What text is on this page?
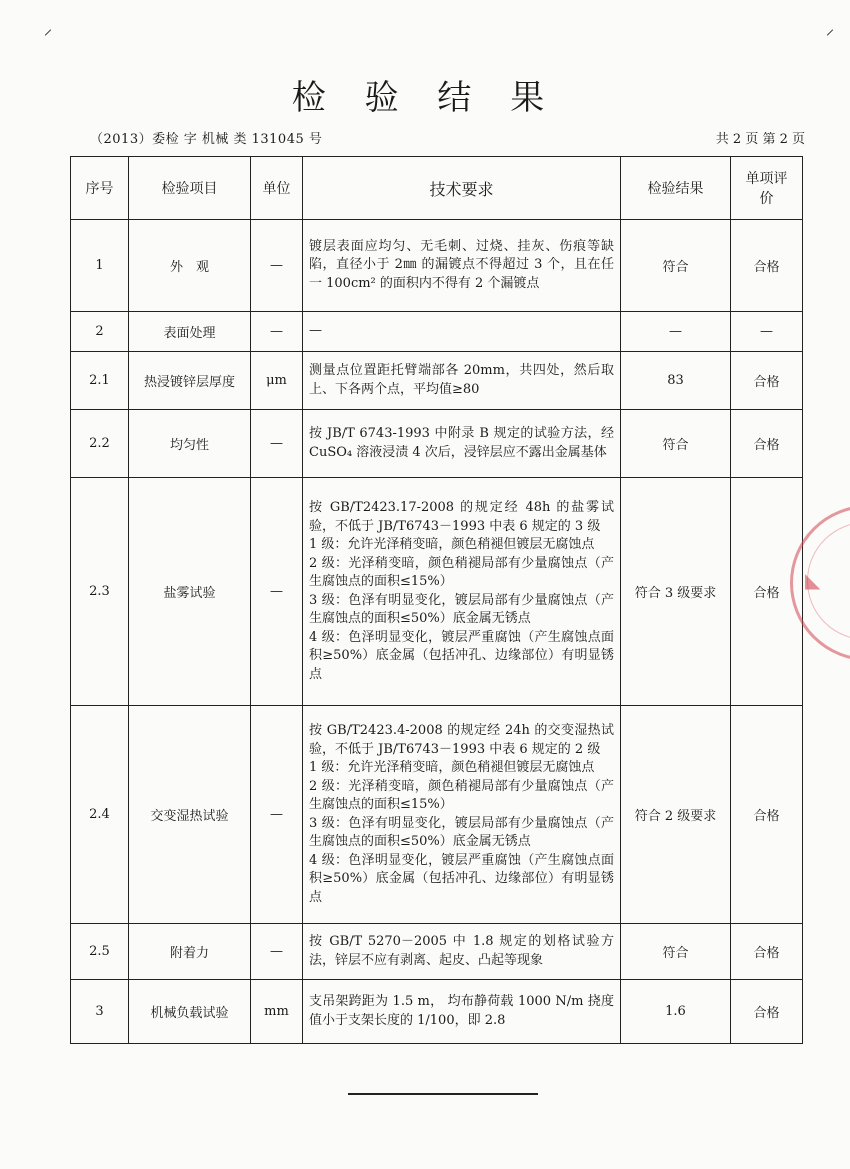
检 验 结 果
（2013）委检 字 机械 类 131045 号	共 2 页 第 2 页
序号	检验项目	单位	技术要求	检验结果	单项评价
1	外　观	—	镀层表面应均匀、无毛刺、过烧、挂灰、伤痕等缺陷，直径小于 2㎜ 的漏镀点不得超过 3 个，且在任一 100cm² 的面积内不得有 2 个漏镀点	符合	合格
2	表面处理	—	—	—	—
2.1	热浸镀锌层厚度	μm	测量点位置距托臂端部各 20mm，共四处，然后取上、下各两个点，平均值≥80	83	合格
2.2	均匀性	—	按 JB/T 6743-1993 中附录 B 规定的试验方法，经 CuSO₄ 溶液浸渍 4 次后，浸锌层应不露出金属基体	符合	合格
2.3	盐雾试验	—	按 GB/T2423.17-2008 的规定经 48h 的盐雾试验，不低于 JB/T6743－1993 中表 6 规定的 3 级
1 级：允许光泽稍变暗，颜色稍褪但镀层无腐蚀点
2 级：光泽稍变暗，颜色稍褪局部有少量腐蚀点（产生腐蚀点的面积≤15%）
3 级：色泽有明显变化，镀层局部有少量腐蚀点（产生腐蚀点的面积≤50%）底金属无锈点
4 级：色泽明显变化，镀层严重腐蚀（产生腐蚀点面积≥50%）底金属（包括冲孔、边缘部位）有明显锈点	符合 3 级要求	合格
2.4	交变湿热试验	—	按 GB/T2423.4-2008 的规定经 24h 的交变湿热试验，不低于 JB/T6743－1993 中表 6 规定的 2 级
1 级：允许光泽稍变暗，颜色稍褪但镀层无腐蚀点
2 级：光泽稍变暗，颜色稍褪局部有少量腐蚀点（产生腐蚀点的面积≤15%）
3 级：色泽有明显变化，镀层局部有少量腐蚀点（产生腐蚀点的面积≤50%）底金属无锈点
4 级：色泽明显变化，镀层严重腐蚀（产生腐蚀点面积≥50%）底金属（包括冲孔、边缘部位）有明显锈点	符合 2 级要求	合格
2.5	附着力	—	按 GB/T 5270－2005 中 1.8 规定的划格试验方法，锌层不应有剥离、起皮、凸起等现象	符合	合格
3	机械负载试验	mm	支吊架跨距为 1.5 m， 均布静荷载 1000 N/m 挠度值小于支架长度的 1/100，即 2.8	1.6	合格
◣
